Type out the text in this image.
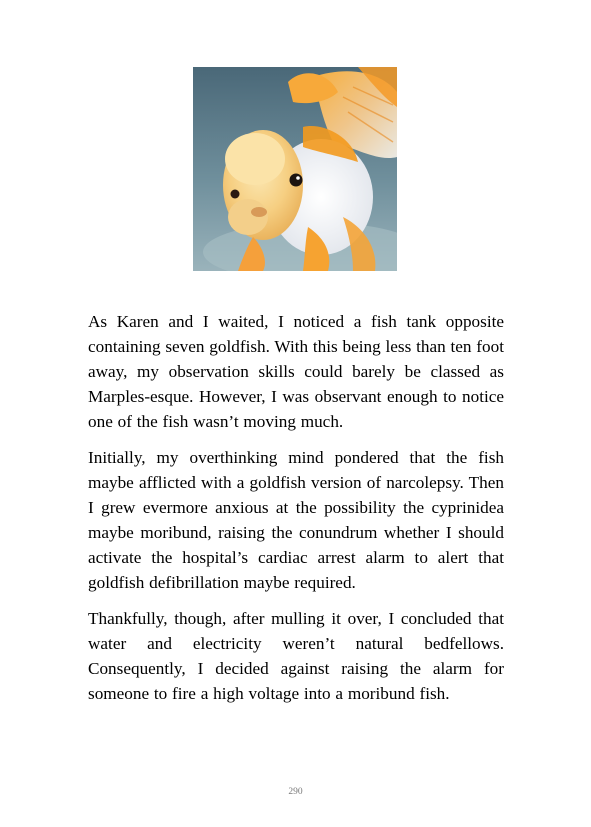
As Karen and I waited, I noticed a fish tank opposite containing seven goldfish. With this being less than ten foot away, my observation skills could barely be classed as Marples-esque. However, I was observant enough to notice one of the fish wasn’t moving much.

Initially, my overthinking mind pondered that the fish maybe afflicted with a goldfish version of narcolepsy. Then I grew evermore anxious at the possibility the cyprinidea maybe moribund, raising the conundrum whether I should activate the hospital’s cardiac arrest alarm to alert that goldfish defibrillation maybe required.

Thankfully, though, after mulling it over, I concluded that water and electricity weren’t natural bedfellows. Consequently, I decided against raising the alarm for someone to fire a high voltage into a moribund fish.

290
